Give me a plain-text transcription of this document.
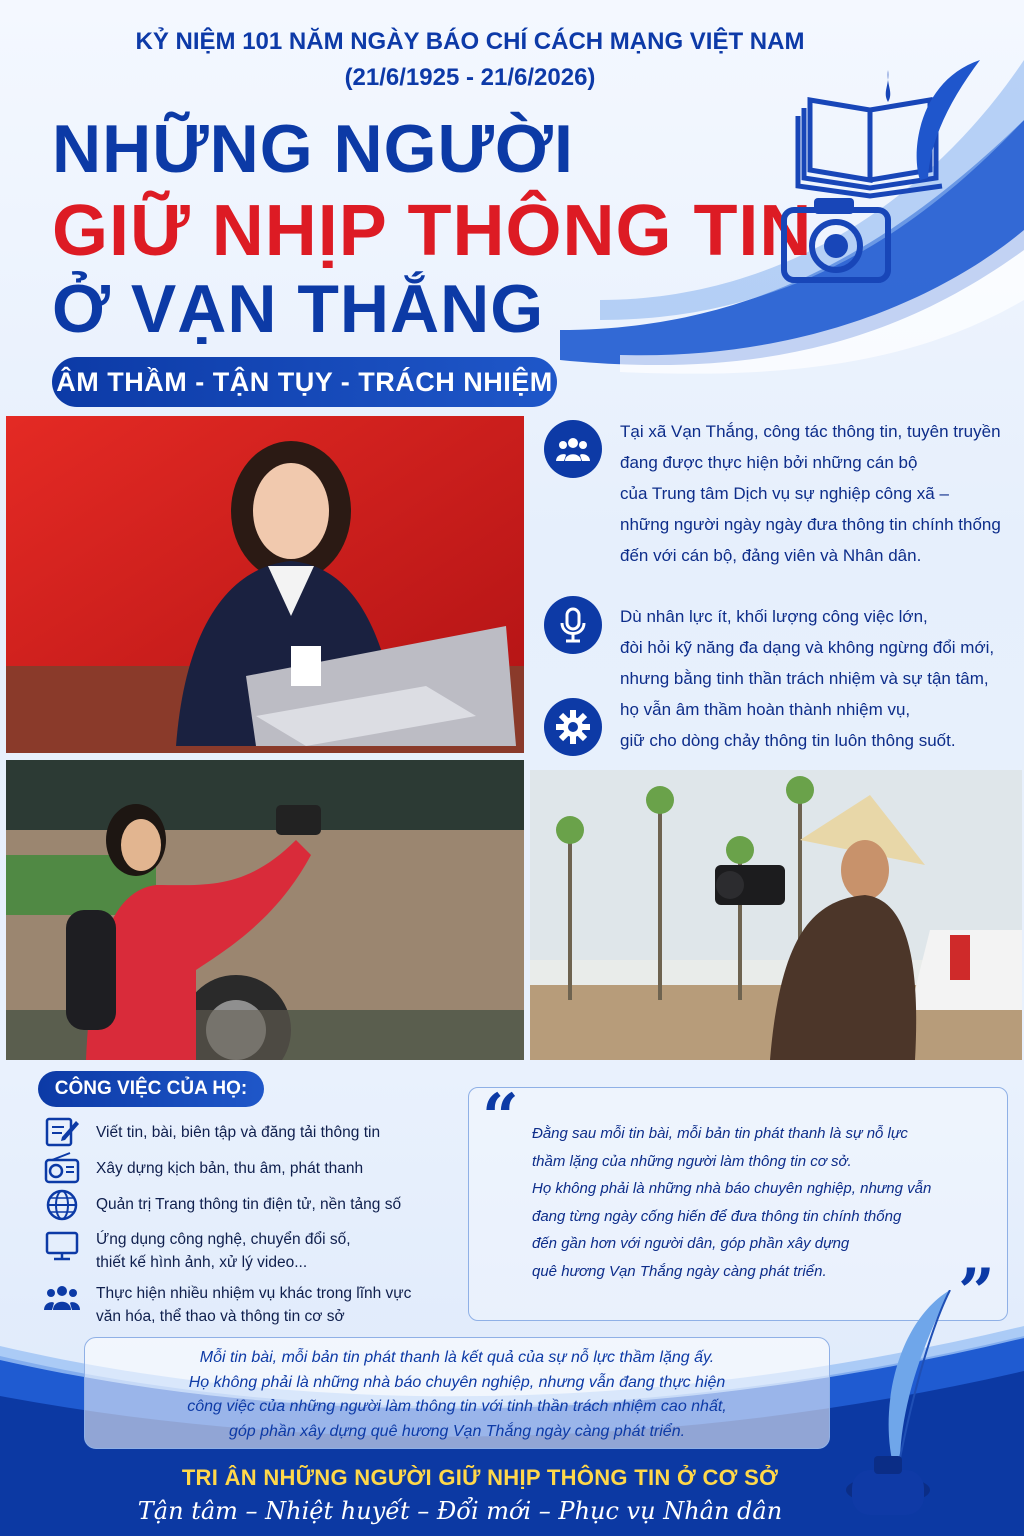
KỶ NIỆM 101 NĂM NGÀY BÁO CHÍ CÁCH MẠNG VIỆT NAM
(21/6/1925 - 21/6/2026)
NHỮNG NGƯỜI
GIỮ NHỊP THÔNG TIN
Ở VẠN THẮNG
ÂM THẦM - TẬN TỤY - TRÁCH NHIỆM
Tại xã Vạn Thắng, công tác thông tin, tuyên truyền
đang được thực hiện bởi những cán bộ
của Trung tâm Dịch vụ sự nghiệp công xã –
những người ngày ngày đưa thông tin chính thống
đến với cán bộ, đảng viên và Nhân dân.
Dù nhân lực ít, khối lượng công việc lớn,
đòi hỏi kỹ năng đa dạng và không ngừng đổi mới,
nhưng bằng tinh thần trách nhiệm và sự tận tâm,
họ vẫn âm thầm hoàn thành nhiệm vụ,
giữ cho dòng chảy thông tin luôn thông suốt.
CÔNG VIỆC CỦA HỌ:
Viết tin, bài, biên tập và đăng tải thông tin
Xây dựng kịch bản, thu âm, phát thanh
Quản trị Trang thông tin điện tử, nền tảng số
Ứng dụng công nghệ, chuyển đổi số,
thiết kế hình ảnh, xử lý video...
Thực hiện nhiều nhiệm vụ khác trong lĩnh vực
văn hóa, thể thao và thông tin cơ sở
“ Đằng sau mỗi tin bài, mỗi bản tin phát thanh là sự nỗ lực
thầm lặng của những người làm thông tin cơ sở.
Họ không phải là những nhà báo chuyên nghiệp, nhưng vẫn
đang từng ngày cống hiến để đưa thông tin chính thống
đến gần hơn với người dân, góp phần xây dựng
quê hương Vạn Thắng ngày càng phát triển.	”
Mỗi tin bài, mỗi bản tin phát thanh là kết quả của sự nỗ lực thầm lặng ấy.
Họ không phải là những nhà báo chuyên nghiệp, nhưng vẫn đang thực hiện
công việc của những người làm thông tin với tinh thần trách nhiệm cao nhất,
góp phần xây dựng quê hương Vạn Thắng ngày càng phát triển.
TRI ÂN NHỮNG NGƯỜI GIỮ NHỊP THÔNG TIN Ở CƠ SỞ
Tận tâm – Nhiệt huyết – Đổi mới – Phục vụ Nhân dân
